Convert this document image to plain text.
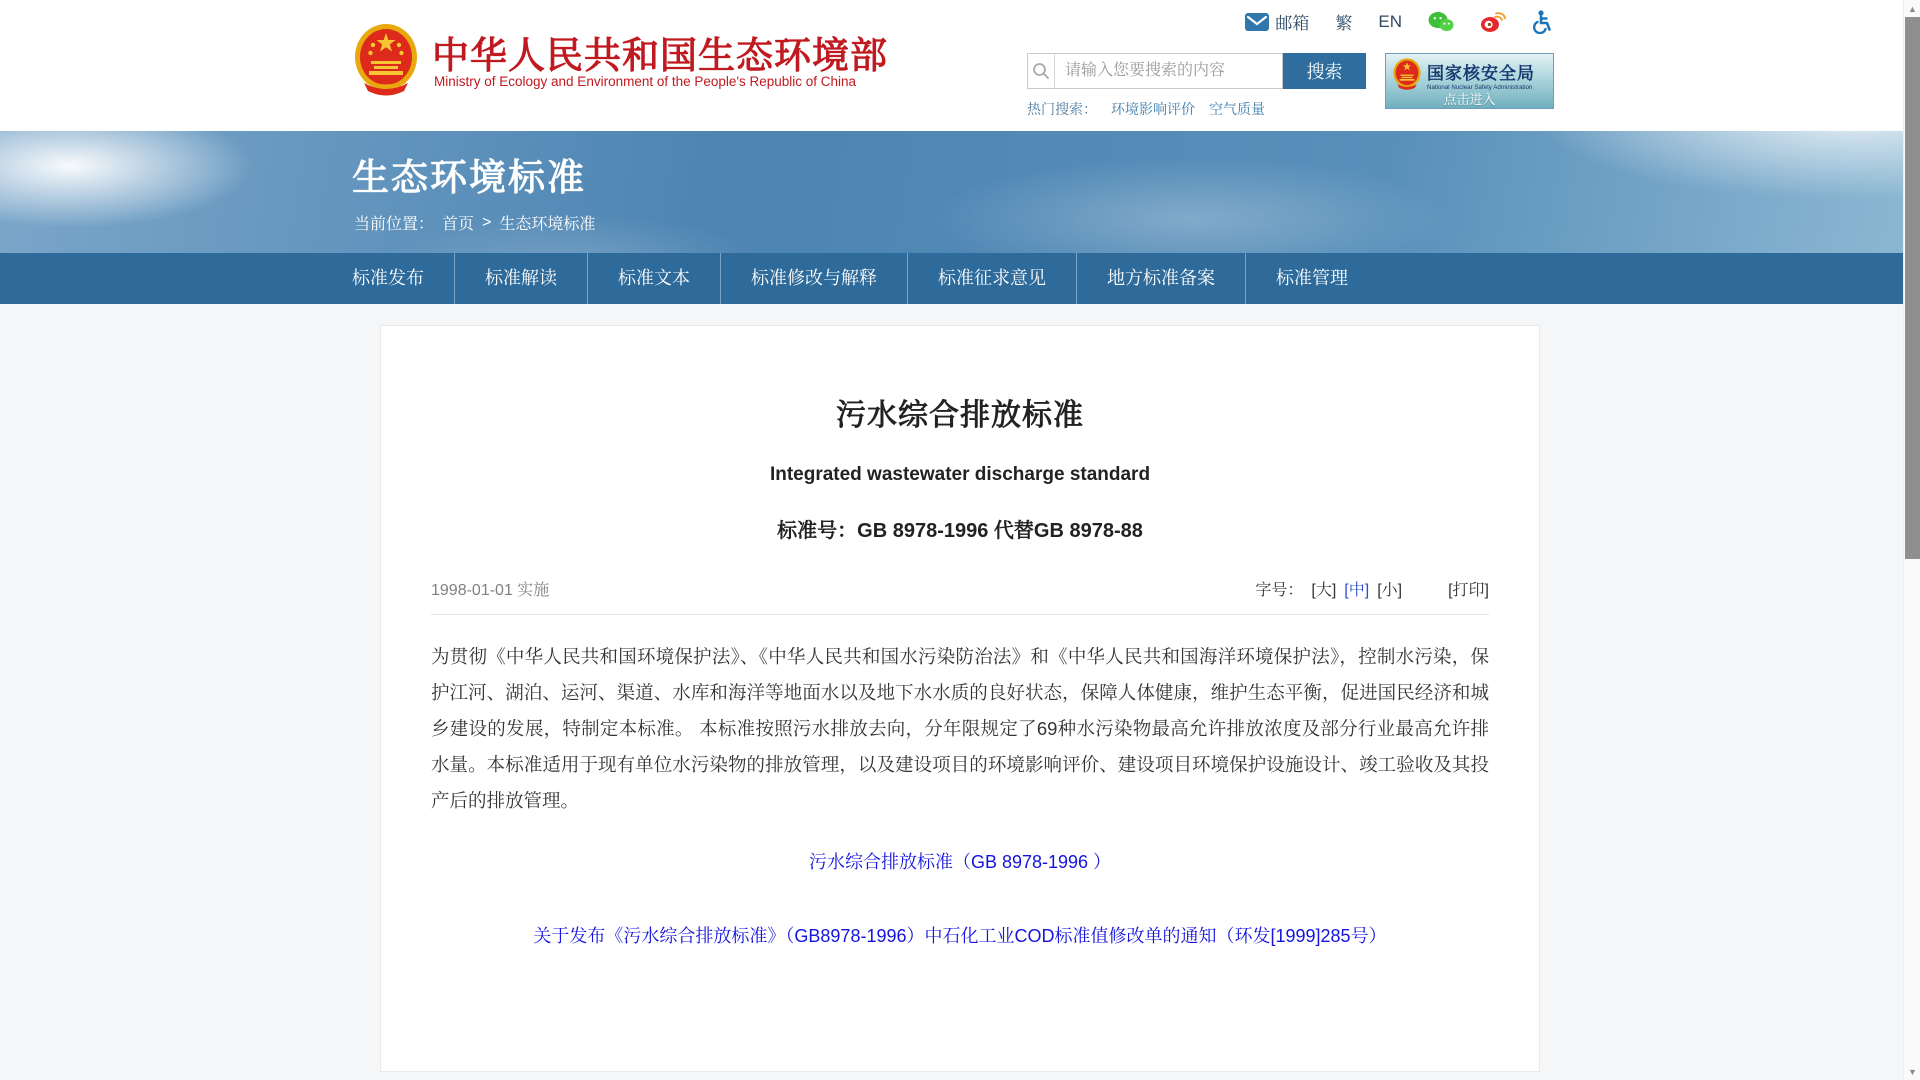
中华人民共和国生态环境部
Ministry of Ecology and Environment of the People's Republic of China
邮箱 繁 EN
请输入您要搜索的内容
搜索
热门搜索： 环境影响评价 空气质量
国家核安全局
National Nuclear Safety Administration
点击进入
生态环境标准
当前位置： 首页 > 生态环境标准
标准发布	标准解读	标准文本	标准修改与解释	标准征求意见	地方标准备案	标准管理
污水综合排放标准
Integrated wastewater discharge standard
标准号：GB 8978-1996 代替GB 8978-88
1998-01-01 实施	字号： [大] [中] [小]	[打印]

为贯彻《中华人民共和国环境保护法》、《中华人民共和国水污染防治法》和《中华人民共和国海洋环境保护法》，控制水污染，保护江河、湖泊、运河、渠道、水库和海洋等地面水以及地下水水质的良好状态，保障人体健康，维护生态平衡，促进国民经济和城乡建设的发展，特制定本标准。 本标准按照污水排放去向，分年限规定了69种水污染物最高允许排放浓度及部分行业最高允许排水量。本标准适用于现有单位水污染物的排放管理，以及建设项目的环境影响评价、建设项目环境保护设施设计、竣工验收及其投产后的排放管理。

污水综合排放标准（GB 8978-1996 ）
关于发布《污水综合排放标准》（GB8978-1996）中石化工业COD标准值修改单的通知（环发[1999]285号）
▲
▼
